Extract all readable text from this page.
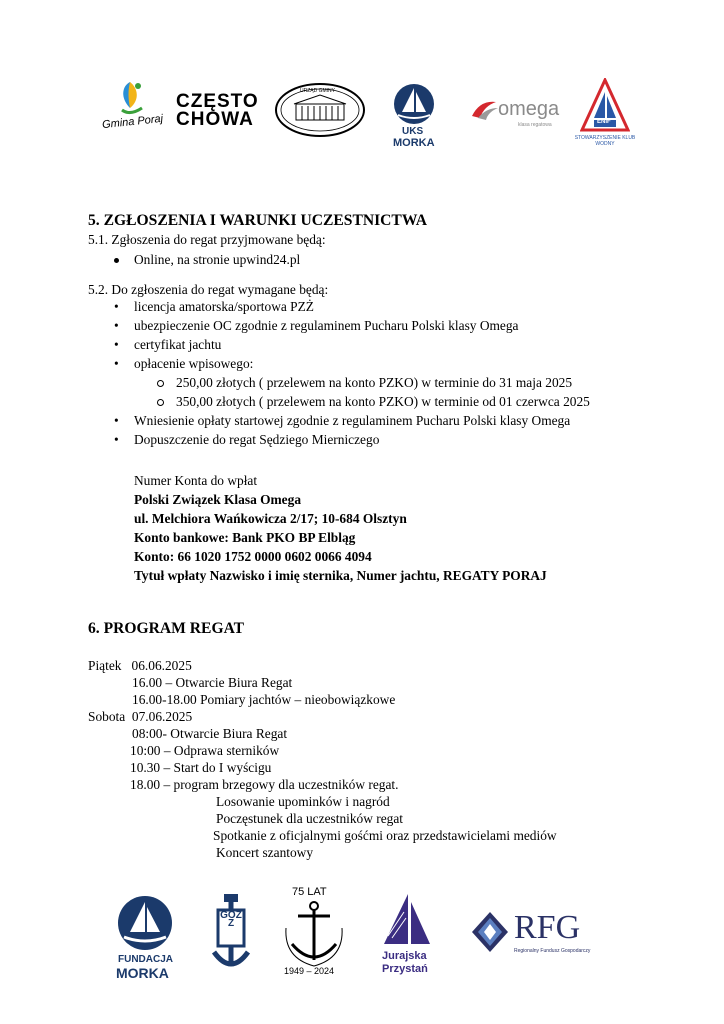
Gmina Poraj
CZĘSTO
CHOWA
URZĄD GMINY
UKS
MORKA
omega
klasa regatowa	ENIF
STOWARZYSZENIE KLUB WODNY
5. ZGŁOSZENIA I WARUNKI UCZESTNICTWA
5.1. Zgłoszenia do regat przyjmowane będą:
Online, na stronie upwind24.pl
5.2. Do zgłoszenia do regat wymagane będą:
• licencja amatorska/sportowa PZŻ
• ubezpieczenie OC zgodnie z regulaminem Pucharu Polski klasy Omega
• certyfikat jachtu
• opłacenie wpisowego:
250,00 złotych ( przelewem na konto PZKO) w terminie do 31 maja 2025
350,00 złotych ( przelewem na konto PZKO) w terminie od 01 czerwca 2025
• Wniesienie opłaty startowej zgodnie z regulaminem Pucharu Polski klasy Omega
• Dopuszczenie do regat Sędziego Mierniczego
Numer Konta do wpłat
Polski Związek Klasa Omega
ul. Melchiora Wańkowicza 2/17; 10-684 Olsztyn
Konto bankowe: Bank PKO BP Elbląg
Konto: 66 1020 1752 0000 0602 0066 4094
Tytuł wpłaty Nazwisko i imię sternika, Numer jachtu, REGATY PORAJ
6. PROGRAM REGAT
Piątek   06.06.2025
16.00 – Otwarcie Biura Regat
16.00-18.00 Pomiary jachtów – nieobowiązkowe
Sobota  07.06.2025
08:00- Otwarcie Biura Regat
10:00 – Odprawa sterników
10.30 – Start do I wyścigu
18.00 – program brzegowy dla uczestników regat.
Losowanie upominków i nagród
Poczęstunek dla uczestników regat
Spotkanie z oficjalnymi gośćmi oraz przedstawicielami mediów
Koncert szantowy
FUNDACJA
MORKA
GOZZ
75 LAT
1949 – 2024
Jurajska
Przystań
RFG
Regionalny Fundusz Gospodarczy
